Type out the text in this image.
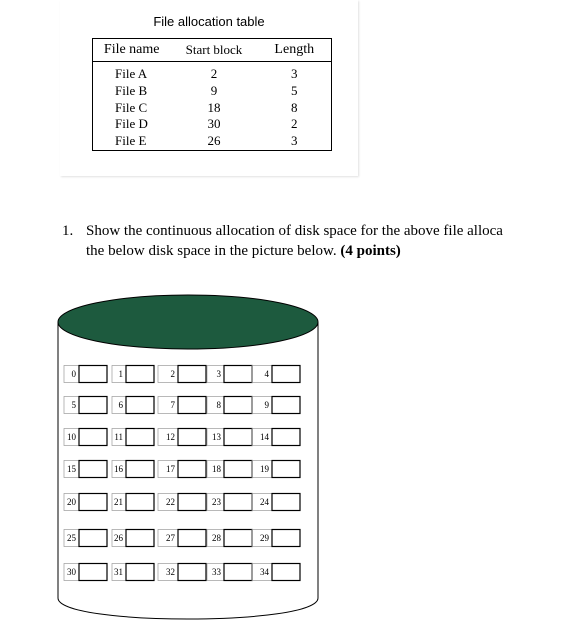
File allocation table
File name	Start block	Length
File A	2	3
File B	9	5
File C	18	8
File D	30	2
File E	26	3
1. Show the continuous allocation of disk space for the above file alloca
the below disk space in the picture below. (4 points)
0	1	2	3	4
5	6	7	8	9
10	11	12	13	14
15	16	17	18	19
20	21	22	23	24
25	26	27	28	29
30	31	32	33	34
